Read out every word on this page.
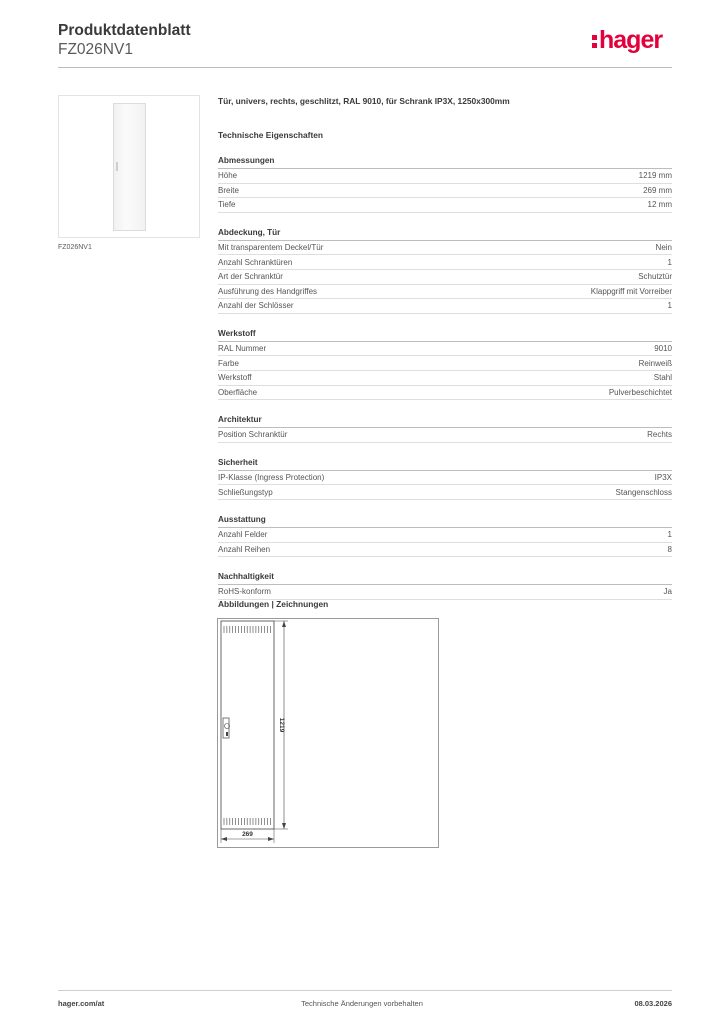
Produktdatenblatt
FZ026NV1	hager
FZ026NV1
Tür, univers, rechts, geschlitzt, RAL 9010, für Schrank IP3X, 1250x300mm
Technische Eigenschaften
Abmessungen
Höhe	1219 mm
Breite	269 mm
Tiefe	12 mm
Abdeckung, Tür
Mit transparentem Deckel/Tür	Nein
Anzahl Schranktüren	1
Art der Schranktür	Schutztür
Ausführung des Handgriffes	Klappgriff mit Vorreiber
Anzahl der Schlösser	1
Werkstoff
RAL Nummer	9010
Farbe	Reinweiß
Werkstoff	Stahl
Oberfläche	Pulverbeschichtet
Architektur
Position Schranktür	Rechts
Sicherheit
IP-Klasse (Ingress Protection)	IP3X
Schließungstyp	Stangenschloss
Ausstattung
Anzahl Felder	1
Anzahl Reihen	8
Nachhaltigkeit
RoHS-konform	Ja
Abbildungen | Zeichnungen
1219
269
hager.com/at	Technische Änderungen vorbehalten	08.03.2026
